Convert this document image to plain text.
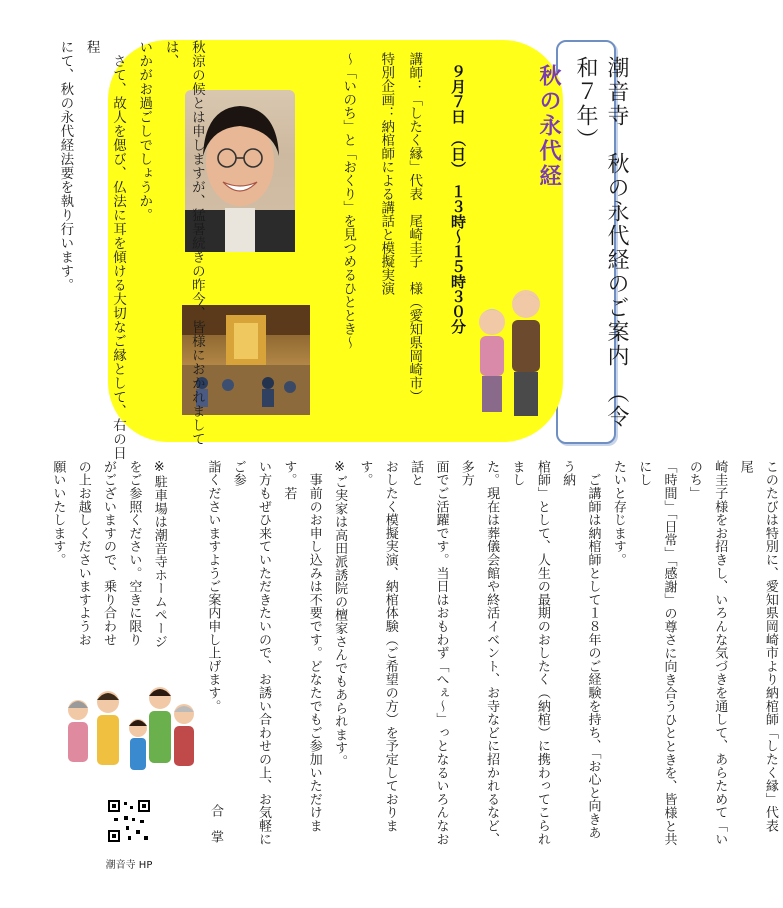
潮音寺　秋の永代経のご案内　（令和７年）
秋の永代経
９月７日　（日）　１３時～１５時３０分
講師：「したく縁」代表　尾崎圭子　様（愛知県岡崎市）
特別企画：納棺師による講話と模擬実演
～「いのち」と「おくり」を見つめるひととき～
秋涼の候とは申しますが、猛暑続きの昨今、皆様におかれましては、
いかがお過ごしでしょうか。
　さて、故人を偲び、仏法に耳を傾ける大切なご縁として、右の日程
にて、秋の永代経法要を執り行います。
このたびは特別に、愛知県岡崎市より納棺師「したく縁」代表　尾
崎圭子様をお招きし、いろんな気づきを通して、あらためて「いのち」
「時間」「日常」「感謝」の尊さに向き合うひとときを、皆様と共にし
たいと存じます。
　ご講師は納棺師として１８年のご経験を持ち、「お心と向きあう納
棺師」として、人生の最期のおしたく（納棺）に携わってこられまし
た。現在は葬儀会館や終活イベント、お寺などに招かれるなど、多方
面でご活躍です。当日はおもわず「へぇ～」っとなるいろんなお話と
おしたく模擬実演、納棺体験（ご希望の方）を予定しております。
※ご実家は高田派誘院の檀家さんでもあられます。
　事前のお申し込みは不要です。どなたでもご参加いただけます。若
い方もぜひ来ていただきたいので、お誘い合わせの上、お気軽にご参
詣くださいますようご案内申し上げます。
合　掌
※駐車場は潮音寺ホームページ
をご参照ください。空きに限り
がございますので、乗り合わせ
の上お越しくださいますようお
願いいたします。
潮音寺 HP
